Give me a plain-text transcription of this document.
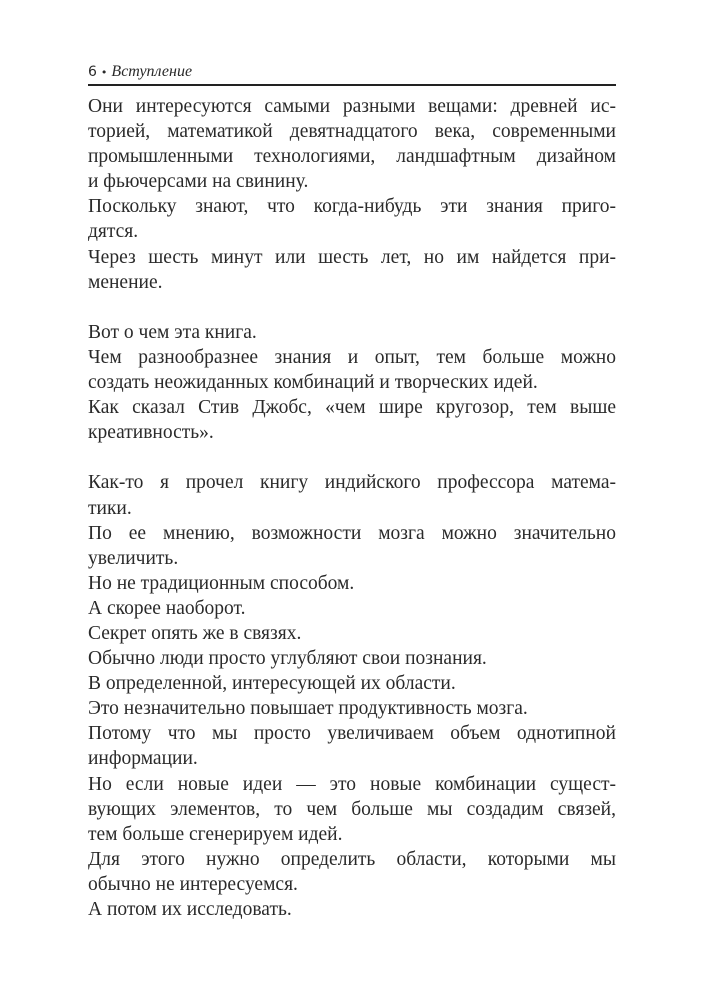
6 • Вступление
Они интересуются самыми разными вещами: древней ис-
торией, математикой девятнадцатого века, современными
промышленными технологиями, ландшафтным дизайном
и фьючерсами на свинину.
Поскольку знают, что когда-нибудь эти знания приго-
дятся.
Через шесть минут или шесть лет, но им найдется при-
менение.
Вот о чем эта книга.
Чем разнообразнее знания и опыт, тем больше можно
создать неожиданных комбинаций и творческих идей.
Как сказал Стив Джобс, «чем шире кругозор, тем выше
креативность».
Как-то я прочел книгу индийского профессора матема-
тики.
По ее мнению, возможности мозга можно значительно
увеличить.
Но не традиционным способом.
А скорее наоборот.
Секрет опять же в связях.
Обычно люди просто углубляют свои познания.
В определенной, интересующей их области.
Это незначительно повышает продуктивность мозга.
Потому что мы просто увеличиваем объем однотипной
информации.
Но если новые идеи — это новые комбинации сущест-
вующих элементов, то чем больше мы создадим связей,
тем больше сгенерируем идей.
Для этого нужно определить области, которыми мы
обычно не интересуемся.
А потом их исследовать.
